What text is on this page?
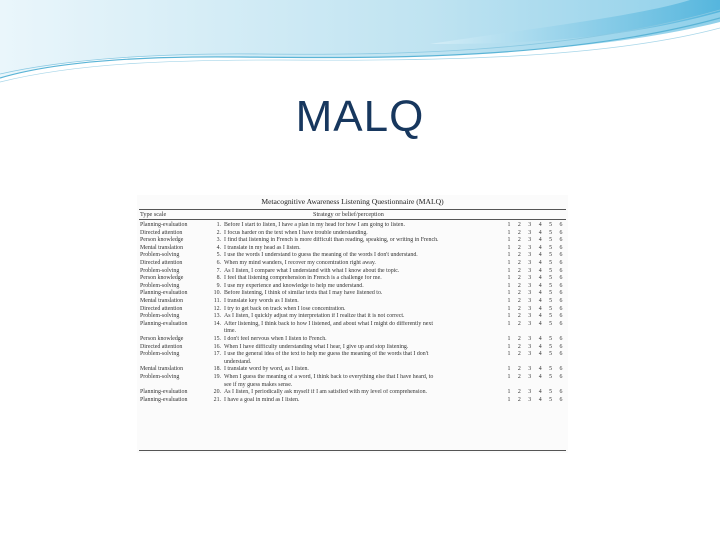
MALQ
Metacognitive Awareness Listening Questionnaire (MALQ)
Type scale	Strategy or belief/perception
Planning-evaluation	1. Before I start to listen, I have a plan in my head for how I am going to listen.	1	2	3	4	5	6
Directed attention	2. I focus harder on the text when I have trouble understanding.	1	2	3	4	5	6
Person knowledge	3. I find that listening in French is more difficult than reading, speaking, or writing in French.	1	2	3	4	5	6
Mental translation	4. I translate in my head as I listen.	1	2	3	4	5	6
Problem-solving	5. I use the words I understand to guess the meaning of the words I don't understand.	1	2	3	4	5	6
Directed attention	6. When my mind wanders, I recover my concentration right away.	1	2	3	4	5	6
Problem-solving	7. As I listen, I compare what I understand with what I know about the topic.	1	2	3	4	5	6
Person knowledge	8. I feel that listening comprehension in French is a challenge for me.	1	2	3	4	5	6
Problem-solving	9. I use my experience and knowledge to help me understand.	1	2	3	4	5	6
Planning-evaluation	10. Before listening, I think of similar texts that I may have listened to.	1	2	3	4	5	6
Mental translation	11. I translate key words as I listen.	1	2	3	4	5	6
Directed attention	12. I try to get back on track when I lose concentration.	1	2	3	4	5	6
Problem-solving	13. As I listen, I quickly adjust my interpretation if I realize that it is not correct.	1	2	3	4	5	6
Planning-evaluation	14. After listening, I think back to how I listened, and about what I might do differently next	1	2	3	4	5	6
time.
Person knowledge	15. I don't feel nervous when I listen to French.	1	2	3	4	5	6
Directed attention	16. When I have difficulty understanding what I hear, I give up and stop listening.	1	2	3	4	5	6
Problem-solving	17. I use the general idea of the text to help me guess the meaning of the words that I don't	1	2	3	4	5	6
understand.
Mental translation	18. I translate word by word, as I listen.	1	2	3	4	5	6
Problem-solving	19. When I guess the meaning of a word, I think back to everything else that I have heard, to	1	2	3	4	5	6
see if my guess makes sense.
Planning-evaluation	20. As I listen, I periodically ask myself if I am satisfied with my level of comprehension.	1	2	3	4	5	6
Planning-evaluation	21. I have a goal in mind as I listen.	1	2	3	4	5	6
